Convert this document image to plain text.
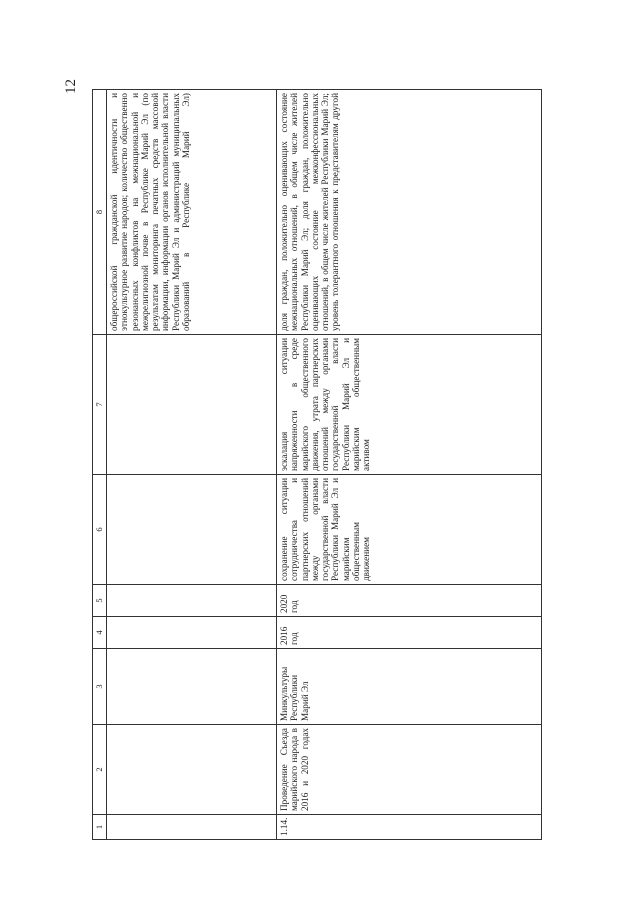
12
1	2	3	4	5	6	7	8
							общероссийской гражданской идентичности и этнокультурное развитие народов; количество общественно резонансных конфликтов на межнациональной и межрелигиозной почве в Республике Марий Эл (по результатам мониторинга печатных средств массовой информации, информации органов исполнительной власти Республики Марий Эл и администраций муниципальных образований в Республике Марий Эл)
1.14.	Проведение Съезда марийского народа в 2016 и 2020 годах	Минкультуры Республики Марий Эл	2016 год	2020 год	сохранение ситуации сотрудничества и партнерских отношений между органами государственной власти Республики Марий Эл и марийским общественным движением	эскалация ситуации напряженности в среде марийского общественного движения, утрата партнерских отношений между органами государственной власти Республики Марий Эл и марийским общественным активом	доля граждан, положительно оценивающих состояние межнациональных отношений, в общем числе жителей Республики Марий Эл; доля граждан, положительно оценивающих состояние межконфессиональных отношений, в общем числе жителей Республики Марий Эл; уровень толерантного отношения к представителям другой
